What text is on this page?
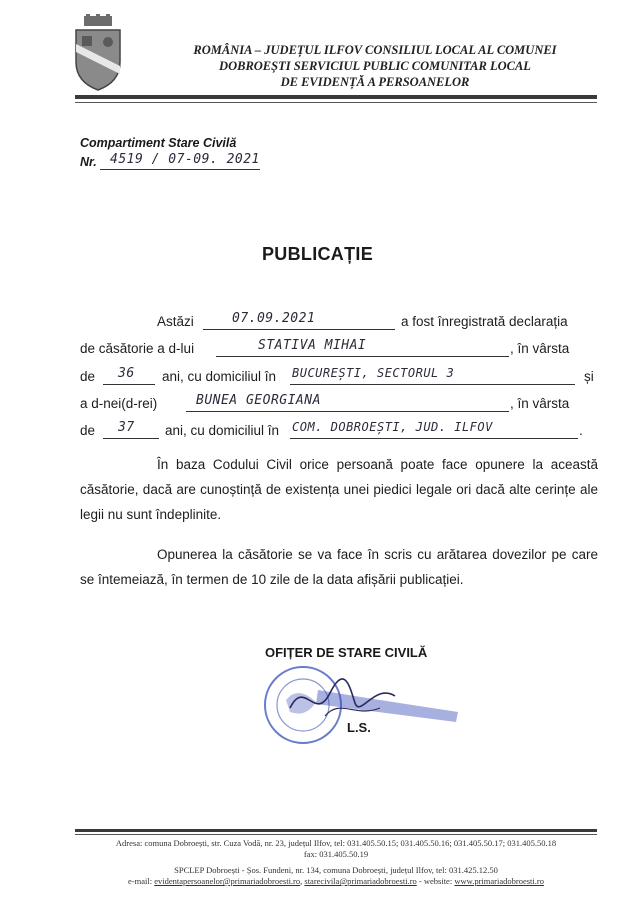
ROMÂNIA – JUDEȚUL ILFOV CONSILIUL LOCAL AL COMUNEI
DOBROEȘTI SERVICIUL PUBLIC COMUNITAR LOCAL
DE EVIDENȚĂ A PERSOANELOR
Compartiment Stare Civilă
Nr. 4519 / 07-09. 2021
PUBLICAȚIE
Astăzi	07.09.2021	a fost înregistrată declarația
de căsătorie a d-lui	STATIVA MIHAI	, în vârsta
de 36 ani, cu domiciliul în BUCUREȘTI, SECTORUL 3	și
a d-nei(d-rei)	BUNEA GEORGIANA	, în vârsta
de 37 ani, cu domiciliul în COM. DOBROEȘTI, JUD. ILFOV	.
În baza Codului Civil orice persoană poate face opunere la această căsătorie, dacă are cunoștință de existența unei piedici legale ori dacă alte cerințe ale legii nu sunt îndeplinite.
Opunerea la căsătorie se va face în scris cu arătarea dovezilor pe care se întemeiază, în termen de 10 zile de la data afișării publicației.
OFIȚER DE STARE CIVILĂ
L.S.
Adresa: comuna Dobroești, str. Cuza Vodă, nr. 23, județul Ilfov, tel: 031.405.50.15; 031.405.50.16; 031.405.50.17; 031.405.50.18
fax: 031.405.50.19
SPCLEP Dobroești - Șos. Fundeni, nr. 134, comuna Dobroești, județul Ilfov, tel: 031.425.12.50
e-mail: evidentapersoanelor@primariadobroesti.ro, starecivila@primariadobroesti.ro - website: www.primariadobroesti.ro
